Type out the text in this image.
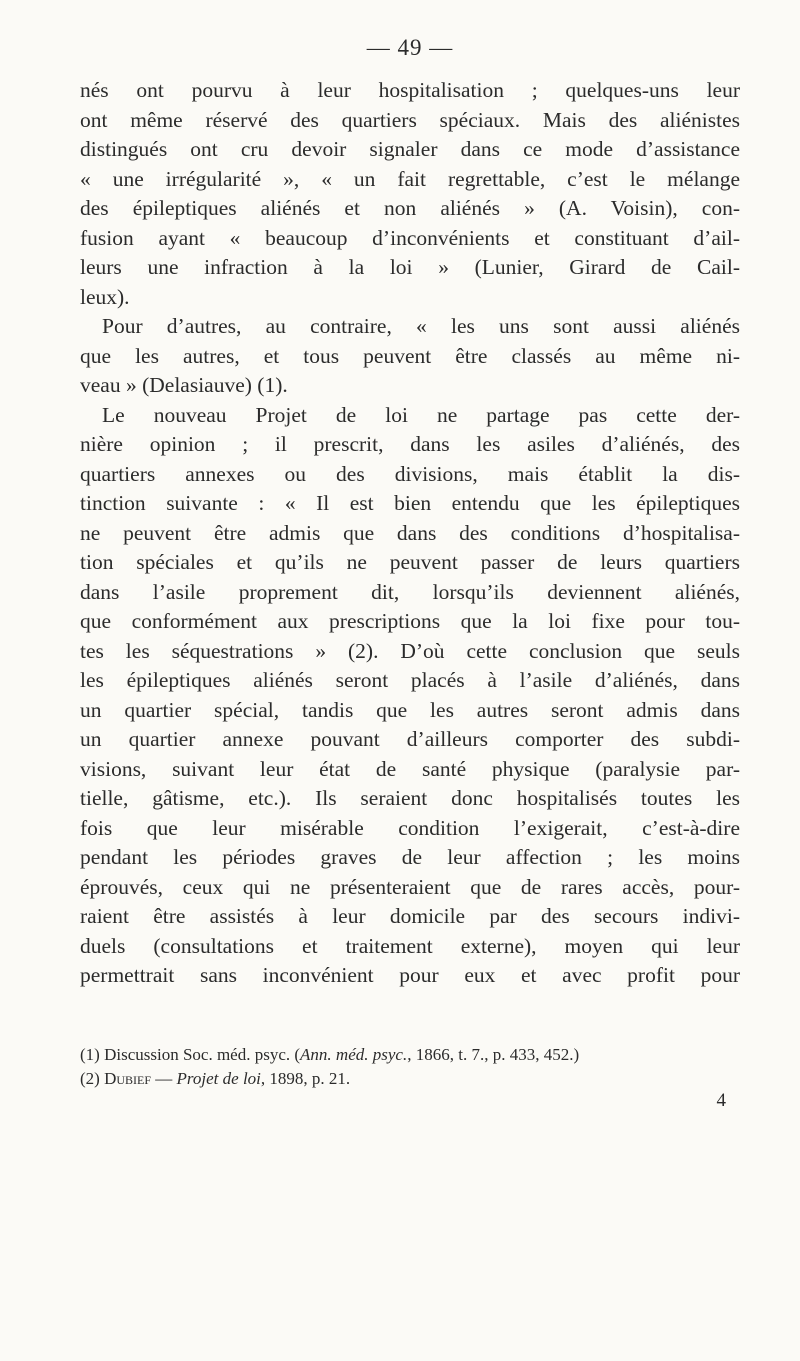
— 49 —
nés ont pourvu à leur hospitalisation ; quelques-uns leur
ont même réservé des quartiers spéciaux. Mais des aliénistes
distingués ont cru devoir signaler dans ce mode d’assistance
« une irrégularité », « un fait regrettable, c’est le mélange
des épileptiques aliénés et non aliénés » (A. Voisin), con-
fusion ayant « beaucoup d’inconvénients et constituant d’ail-
leurs une infraction à la loi » (Lunier, Girard de Cail-
leux).
Pour d’autres, au contraire, « les uns sont aussi aliénés
que les autres, et tous peuvent être classés au même ni-
veau » (Delasiauve) (1).
Le nouveau Projet de loi ne partage pas cette der-
nière opinion ; il prescrit, dans les asiles d’aliénés, des
quartiers annexes ou des divisions, mais établit la dis-
tinction suivante : « Il est bien entendu que les épileptiques
ne peuvent être admis que dans des conditions d’hospitalisa-
tion spéciales et qu’ils ne peuvent passer de leurs quartiers
dans l’asile proprement dit, lorsqu’ils deviennent aliénés,
que conformément aux prescriptions que la loi fixe pour tou-
tes les séquestrations » (2). D’où cette conclusion que seuls
les épileptiques aliénés seront placés à l’asile d’aliénés, dans
un quartier spécial, tandis que les autres seront admis dans
un quartier annexe pouvant d’ailleurs comporter des subdi-
visions, suivant leur état de santé physique (paralysie par-
tielle, gâtisme, etc.). Ils seraient donc hospitalisés toutes les
fois que leur misérable condition l’exigerait, c’est-à-dire
pendant les périodes graves de leur affection ; les moins
éprouvés, ceux qui ne présenteraient que de rares accès, pour-
raient être assistés à leur domicile par des secours indivi-
duels (consultations et traitement externe), moyen qui leur
permettrait sans inconvénient pour eux et avec profit pour
(1) Discussion Soc. méd. psyc. (Ann. méd. psyc., 1866, t. 7., p. 433, 452.)
(2) Dubief — Projet de loi, 1898, p. 21.
4
